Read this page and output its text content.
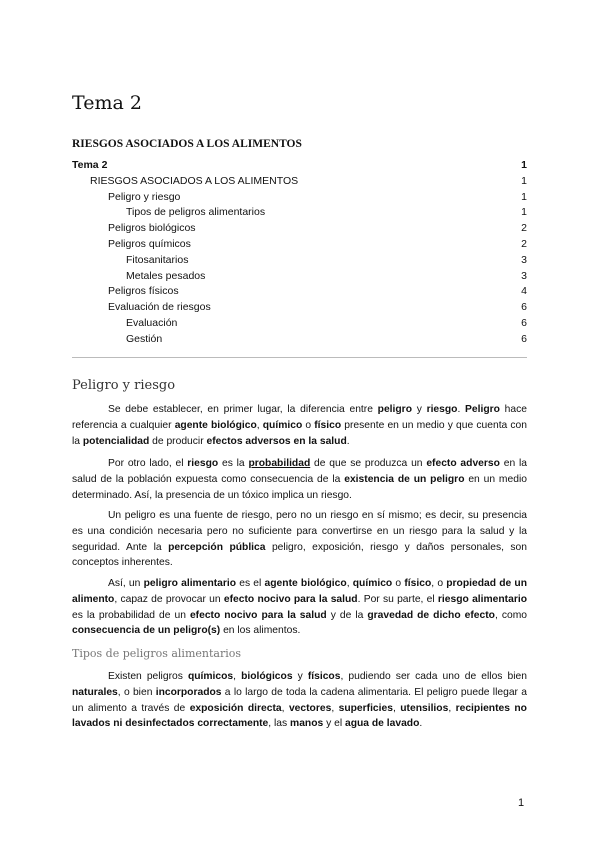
Tema 2
RIESGOS ASOCIADOS A LOS ALIMENTOS
Tema 2	1
RIESGOS ASOCIADOS A LOS ALIMENTOS	1
Peligro y riesgo	1
Tipos de peligros alimentarios	1
Peligros biológicos	2
Peligros químicos	2
Fitosanitarios	3
Metales pesados	3
Peligros físicos	4
Evaluación de riesgos	6
Evaluación	6
Gestión	6
Peligro y riesgo

Se debe establecer, en primer lugar, la diferencia entre peligro y riesgo. Peligro hace referencia a cualquier agente biológico, químico o físico presente en un medio y que cuenta con la potencialidad de producir efectos adversos en la salud.

Por otro lado, el riesgo es la probabilidad de que se produzca un efecto adverso en la salud de la población expuesta como consecuencia de la existencia de un peligro en un medio determinado. Así, la presencia de un tóxico implica un riesgo.

Un peligro es una fuente de riesgo, pero no un riesgo en sí mismo; es decir, su presencia es una condición necesaria pero no suficiente para convertirse en un riesgo para la salud y la seguridad. Ante la percepción pública peligro, exposición, riesgo y daños personales, son conceptos inherentes.

Así, un peligro alimentario es el agente biológico, químico o físico, o propiedad de un alimento, capaz de provocar un efecto nocivo para la salud. Por su parte, el riesgo alimentario es la probabilidad de un efecto nocivo para la salud y de la gravedad de dicho efecto, como consecuencia de un peligro(s) en los alimentos.

Tipos de peligros alimentarios

Existen peligros químicos, biológicos y físicos, pudiendo ser cada uno de ellos bien naturales, o bien incorporados a lo largo de toda la cadena alimentaria. El peligro puede llegar a un alimento a través de exposición directa, vectores, superficies, utensilios, recipientes no lavados ni desinfectados correctamente, las manos y el agua de lavado.

1
